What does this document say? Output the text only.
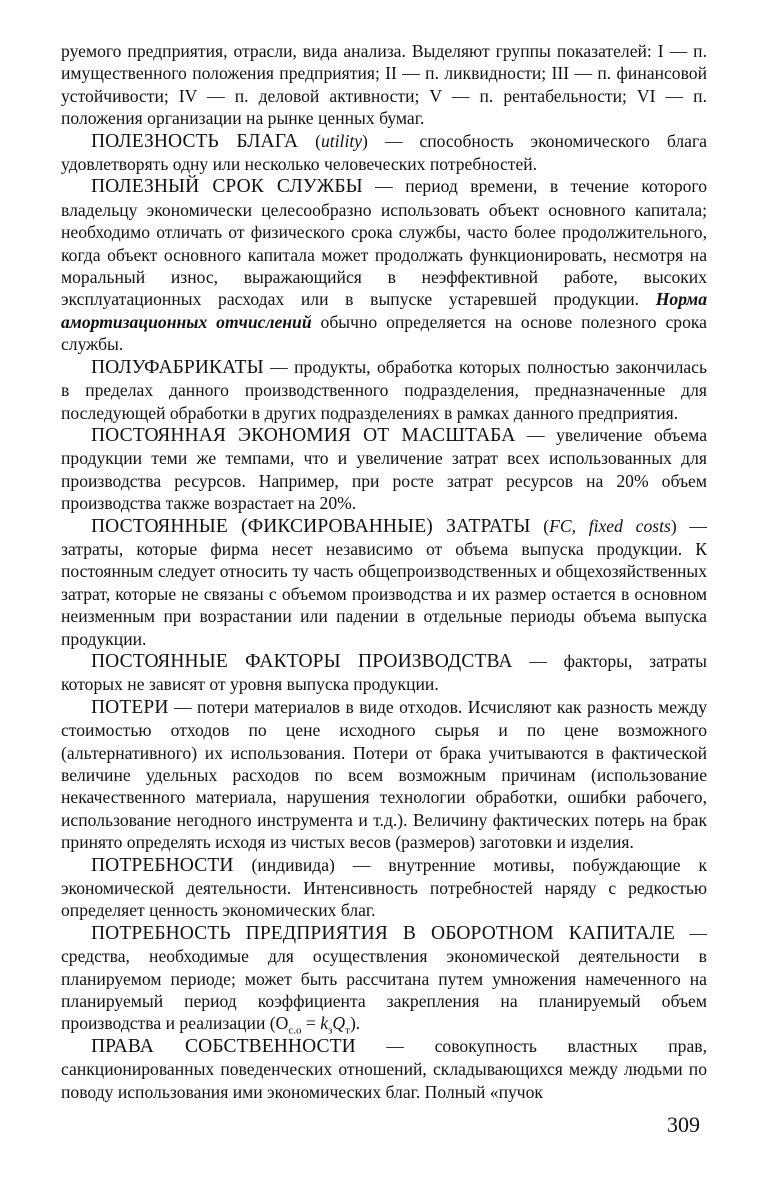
руемого предприятия, отрасли, вида анализа. Выделяют группы показателей: I — п. имущественного положения предприятия; II — п. ликвидности; III — п. финансовой устойчивости; IV — п. деловой активности; V — п. рентабельности; VI — п. положения организации на рынке ценных бумаг.

ПОЛЕЗНОСТЬ БЛАГА (utility) — способность экономического блага удовлетворять одну или несколько человеческих потребностей.

ПОЛЕЗНЫЙ СРОК СЛУЖБЫ — период времени, в течение которого владельцу экономически целесообразно использовать объект основного капитала; необходимо отличать от физического срока службы, часто более продолжительного, когда объект основного капитала может продолжать функционировать, несмотря на моральный износ, выражающийся в неэффективной работе, высоких эксплуатационных расходах или в выпуске устаревшей продукции. Норма амортизационных отчислений обычно определяется на основе полезного срока службы.

ПОЛУФАБРИКАТЫ — продукты, обработка которых полностью закончилась в пределах данного производственного подразделения, предназначенные для последующей обработки в других подразделениях в рамках данного предприятия.

ПОСТОЯННАЯ ЭКОНОМИЯ ОТ МАСШТАБА — увеличение объема продукции теми же темпами, что и увеличение затрат всех использованных для производства ресурсов. Например, при росте затрат ресурсов на 20% объем производства также возрастает на 20%.

ПОСТОЯННЫЕ (ФИКСИРОВАННЫЕ) ЗАТРАТЫ (FC, fixed costs) — затраты, которые фирма несет независимо от объема выпуска продукции. К постоянным следует относить ту часть общепроизводственных и общехозяйственных затрат, которые не связаны с объемом производства и их размер остается в основном неизменным при возрастании или падении в отдельные периоды объема выпуска продукции.

ПОСТОЯННЫЕ ФАКТОРЫ ПРОИЗВОДСТВА — факторы, затраты которых не зависят от уровня выпуска продукции.

ПОТЕРИ — потери материалов в виде отходов. Исчисляют как разность между стоимостью отходов по цене исходного сырья и по цене возможного (альтернативного) их использования. Потери от брака учитываются в фактической величине удельных расходов по всем возможным причинам (использование некачественного материала, нарушения технологии обработки, ошибки рабочего, использование негодного инструмента и т.д.). Величину фактических потерь на брак принято определять исходя из чистых весов (размеров) заготовки и изделия.

ПОТРЕБНОСТИ (индивида) — внутренние мотивы, побуждающие к экономической деятельности. Интенсивность потребностей наряду с редкостью определяет ценность экономических благ.

ПОТРЕБНОСТЬ ПРЕДПРИЯТИЯ В ОБОРОТНОМ КАПИТАЛЕ — средства, необходимые для осуществления экономической деятельности в планируемом периоде; может быть рассчитана путем умножения намеченного на планируемый период коэффициента закрепления на планируемый объем производства и реализации $(О_{с.о} = k_зQ_т)$.

ПРАВА СОБСТВЕННОСТИ — совокупность властных прав, санкционированных поведенческих отношений, складывающихся между людьми по поводу использования ими экономических благ. Полный «пучок

309
